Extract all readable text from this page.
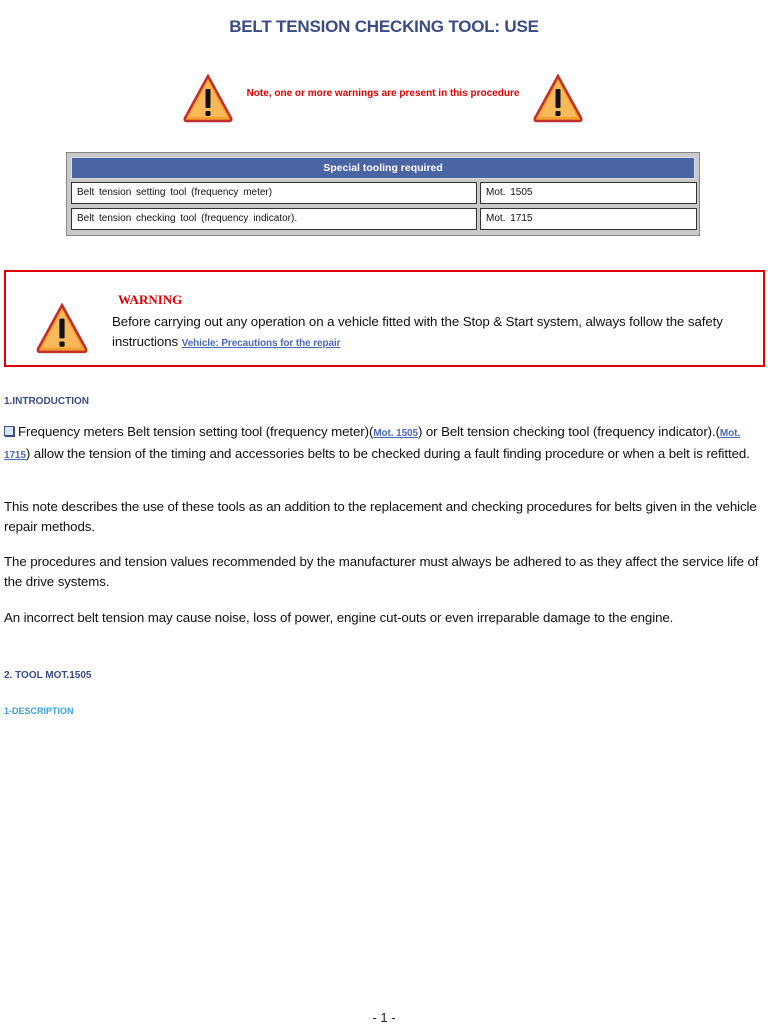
BELT TENSION CHECKING TOOL: USE
Note, one or more warnings are present in this procedure
Special tooling required
Belt tension setting tool (frequency meter)	Mot. 1505
Belt tension checking tool (frequency indicator).	Mot. 1715
WARNING
Before carrying out any operation on a vehicle fitted with the Stop & Start system, always follow the safety instructions Vehicle: Precautions for the repair
1.INTRODUCTION
Frequency meters Belt tension setting tool (frequency meter)(Mot. 1505) or Belt tension checking tool (frequency indicator).(Mot. 1715) allow the tension of the timing and accessories belts to be checked during a fault finding procedure or when a belt is refitted.
This note describes the use of these tools as an addition to the replacement and checking procedures for belts given in the vehicle repair methods.
The procedures and tension values recommended by the manufacturer must always be adhered to as they affect the service life of the drive systems.
An incorrect belt tension may cause noise, loss of power, engine cut-outs or even irreparable damage to the engine.
2. TOOL MOT.1505
1-DESCRIPTION
- 1 -
